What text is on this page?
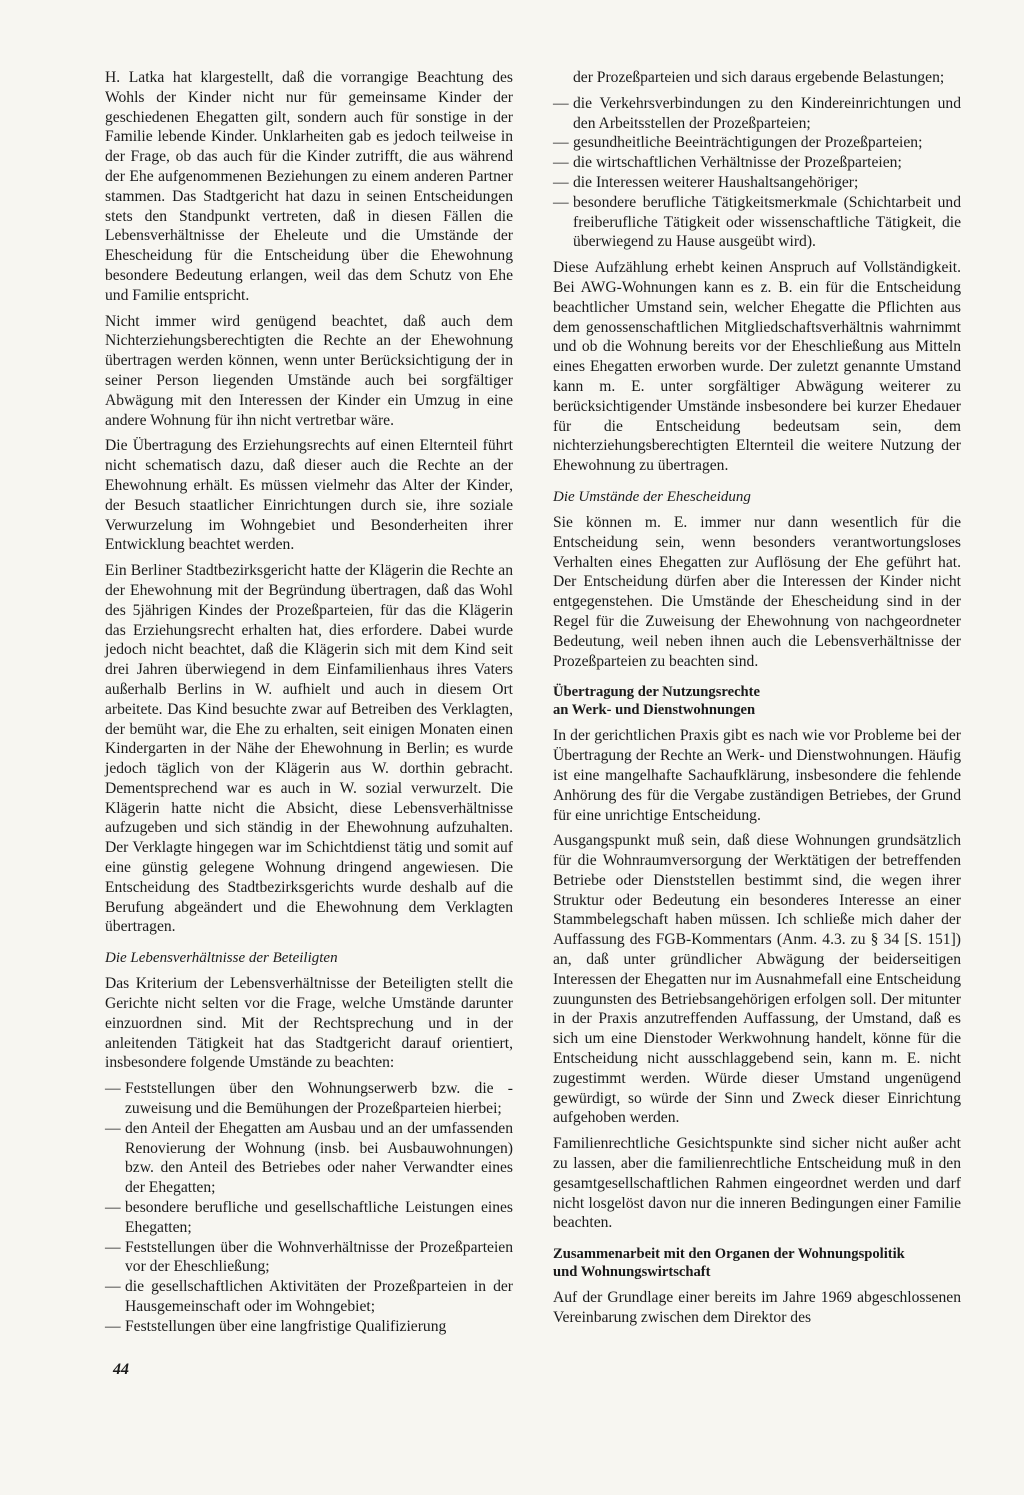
H. Latka hat klargestellt, daß die vorrangige Beachtung des Wohls der Kinder nicht nur für gemeinsame Kinder der geschiedenen Ehegatten gilt, sondern auch für sonstige in der Familie lebende Kinder. Unklarheiten gab es jedoch teilweise in der Frage, ob das auch für die Kinder zutrifft, die aus während der Ehe aufgenommenen Beziehungen zu einem anderen Partner stammen. Das Stadtgericht hat dazu in seinen Entscheidungen stets den Standpunkt vertreten, daß in diesen Fällen die Lebensverhältnisse der Eheleute und die Umstände der Ehescheidung für die Entscheidung über die Ehewohnung besondere Bedeutung erlangen, weil das dem Schutz von Ehe und Familie entspricht.

Nicht immer wird genügend beachtet, daß auch dem Nichterziehungsberechtigten die Rechte an der Ehewohnung übertragen werden können, wenn unter Berücksichtigung der in seiner Person liegenden Umstände auch bei sorgfältiger Abwägung mit den Interessen der Kinder ein Umzug in eine andere Wohnung für ihn nicht vertretbar wäre.

Die Übertragung des Erziehungsrechts auf einen Elternteil führt nicht schematisch dazu, daß dieser auch die Rechte an der Ehewohnung erhält. Es müssen vielmehr das Alter der Kinder, der Besuch staatlicher Einrichtungen durch sie, ihre soziale Verwurzelung im Wohngebiet und Besonderheiten ihrer Entwicklung beachtet werden.

Ein Berliner Stadtbezirksgericht hatte der Klägerin die Rechte an der Ehewohnung mit der Begründung übertragen, daß das Wohl des 5jährigen Kindes der Prozeßparteien, für das die Klägerin das Erziehungsrecht erhalten hat, dies erfordere. Dabei wurde jedoch nicht beachtet, daß die Klägerin sich mit dem Kind seit drei Jahren überwiegend in dem Einfamilienhaus ihres Vaters außerhalb Berlins in W. aufhielt und auch in diesem Ort arbeitete. Das Kind besuchte zwar auf Betreiben des Verklagten, der bemüht war, die Ehe zu erhalten, seit einigen Monaten einen Kindergarten in der Nähe der Ehewohnung in Berlin; es wurde jedoch täglich von der Klägerin aus W. dorthin gebracht. Dementsprechend war es auch in W. sozial verwurzelt. Die Klägerin hatte nicht die Absicht, diese Lebensverhältnisse aufzugeben und sich ständig in der Ehewohnung aufzuhalten. Der Verklagte hingegen war im Schichtdienst tätig und somit auf eine günstig gelegene Wohnung dringend angewiesen. Die Entscheidung des Stadtbezirksgerichts wurde deshalb auf die Berufung abgeändert und die Ehewohnung dem Verklagten übertragen.

Die Lebensverhältnisse der Beteiligten

Das Kriterium der Lebensverhältnisse der Beteiligten stellt die Gerichte nicht selten vor die Frage, welche Umstände darunter einzuordnen sind. Mit der Rechtsprechung und in der anleitenden Tätigkeit hat das Stadtgericht darauf orientiert, insbesondere folgende Umstände zu beachten:

— Feststellungen über den Wohnungserwerb bzw. die -zuweisung und die Bemühungen der Prozeßparteien hierbei;
— den Anteil der Ehegatten am Ausbau und an der umfassenden Renovierung der Wohnung (insb. bei Ausbauwohnungen) bzw. den Anteil des Betriebes oder naher Verwandter eines der Ehegatten;
— besondere berufliche und gesellschaftliche Leistungen eines Ehegatten;
— Feststellungen über die Wohnverhältnisse der Prozeßparteien vor der Eheschließung;
— die gesellschaftlichen Aktivitäten der Prozeßparteien in der Hausgemeinschaft oder im Wohngebiet;
— Feststellungen über eine langfristige Qualifizierung

der Prozeßparteien und sich daraus ergebende Belastungen;

— die Verkehrsverbindungen zu den Kindereinrichtungen und den Arbeitsstellen der Prozeßparteien;
— gesundheitliche Beeinträchtigungen der Prozeßparteien;
— die wirtschaftlichen Verhältnisse der Prozeßparteien;
— die Interessen weiterer Haushaltsangehöriger;
— besondere berufliche Tätigkeitsmerkmale (Schichtarbeit und freiberufliche Tätigkeit oder wissenschaftliche Tätigkeit, die überwiegend zu Hause ausgeübt wird).

Diese Aufzählung erhebt keinen Anspruch auf Vollständigkeit. Bei AWG-Wohnungen kann es z. B. ein für die Entscheidung beachtlicher Umstand sein, welcher Ehegatte die Pflichten aus dem genossenschaftlichen Mitgliedschaftsverhältnis wahrnimmt und ob die Wohnung bereits vor der Eheschließung aus Mitteln eines Ehegatten erworben wurde. Der zuletzt genannte Umstand kann m. E. unter sorgfältiger Abwägung weiterer zu berücksichtigender Umstände insbesondere bei kurzer Ehedauer für die Entscheidung bedeutsam sein, dem nichterziehungsberechtigten Elternteil die weitere Nutzung der Ehewohnung zu übertragen.

Die Umstände der Ehescheidung

Sie können m. E. immer nur dann wesentlich für die Entscheidung sein, wenn besonders verantwortungsloses Verhalten eines Ehegatten zur Auflösung der Ehe geführt hat. Der Entscheidung dürfen aber die Interessen der Kinder nicht entgegenstehen. Die Umstände der Ehescheidung sind in der Regel für die Zuweisung der Ehewohnung von nachgeordneter Bedeutung, weil neben ihnen auch die Lebensverhältnisse der Prozeßparteien zu beachten sind.

Übertragung der Nutzungsrechte
an Werk- und Dienstwohnungen

In der gerichtlichen Praxis gibt es nach wie vor Probleme bei der Übertragung der Rechte an Werk- und Dienstwohnungen. Häufig ist eine mangelhafte Sachaufklärung, insbesondere die fehlende Anhörung des für die Vergabe zuständigen Betriebes, der Grund für eine unrichtige Entscheidung.

Ausgangspunkt muß sein, daß diese Wohnungen grundsätzlich für die Wohnraumversorgung der Werktätigen der betreffenden Betriebe oder Dienststellen bestimmt sind, die wegen ihrer Struktur oder Bedeutung ein besonderes Interesse an einer Stammbelegschaft haben müssen. Ich schließe mich daher der Auffassung des FGB-Kommentars (Anm. 4.3. zu § 34 [S. 151]) an, daß unter gründlicher Abwägung der beiderseitigen Interessen der Ehegatten nur im Ausnahmefall eine Entscheidung zuungunsten des Betriebsangehörigen erfolgen soll. Der mitunter in der Praxis anzutreffenden Auffassung, der Umstand, daß es sich um eine Dienstoder Werkwohnung handelt, könne für die Entscheidung nicht ausschlaggebend sein, kann m. E. nicht zugestimmt werden. Würde dieser Umstand ungenügend gewürdigt, so würde der Sinn und Zweck dieser Einrichtung aufgehoben werden.

Familienrechtliche Gesichtspunkte sind sicher nicht außer acht zu lassen, aber die familienrechtliche Entscheidung muß in den gesamtgesellschaftlichen Rahmen eingeordnet werden und darf nicht losgelöst davon nur die inneren Bedingungen einer Familie beachten.

Zusammenarbeit mit den Organen der Wohnungspolitik
und Wohnungswirtschaft

Auf der Grundlage einer bereits im Jahre 1969 abgeschlossenen Vereinbarung zwischen dem Direktor des

44
